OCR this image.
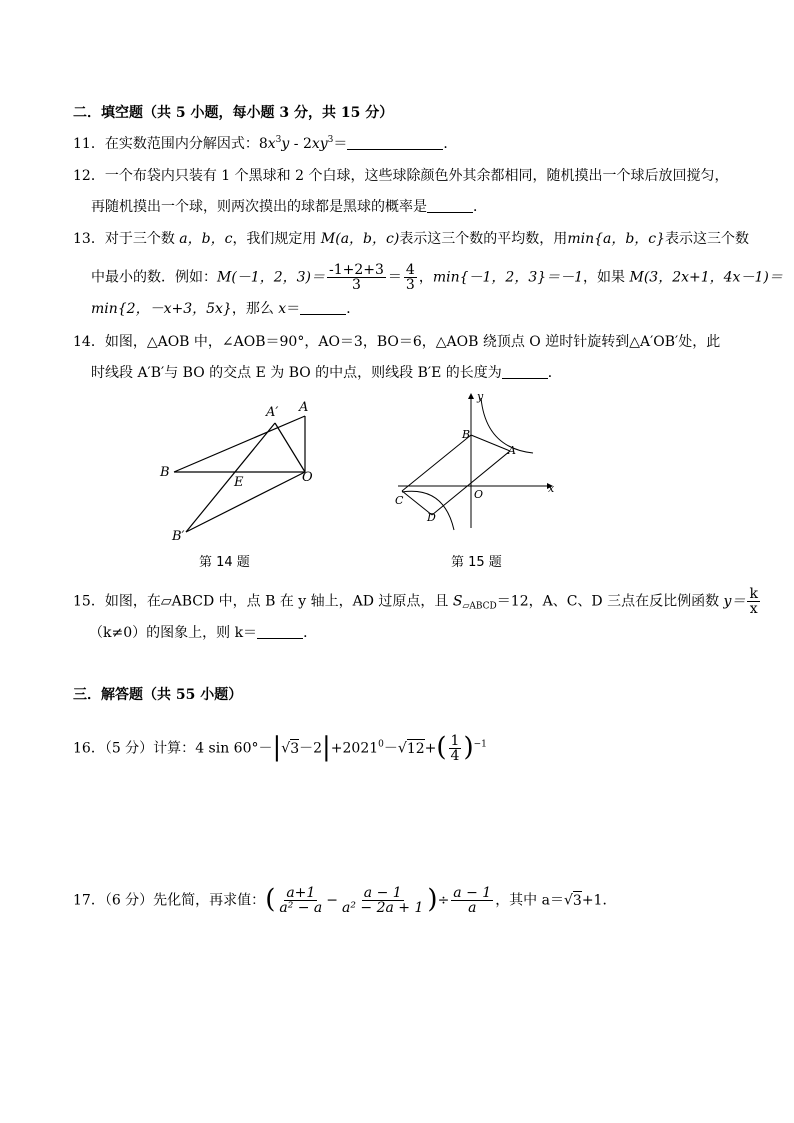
二．填空题（共 5 小题，每小题 3 分，共 15 分）
11．在实数范围内分解因式：$8x^3y - 2xy^3=$	．
12．一个布袋内只装有 1 个黑球和 2 个白球，这些球除颜色外其余都相同，随机摸出一个球后放回搅匀，
再随机摸出一个球，则两次摸出的球都是黑球的概率是	．
13．对于三个数 a，b，c，我们规定用 M(a，b，c)表示这三个数的平均数，用min{a，b，c}表示这三个数
中最小的数．例如：M(－1，2，$3)= \frac{-1+2+3}{3} = \frac{4}{3}$ ，min{－1，2，3}＝－1，如果 M(3，2x+1，4x－1)＝
min{2，－x+3，5x}，那么 x＝	．
14．如图，△AOB 中，∠AOB＝90°，AO＝3，BO＝6，△AOB 绕顶点 O 逆时针旋转到△A′OB′处，此
时线段 A′B′与 BO 的交点 E 为 BO 的中点，则线段 B′E 的长度为	．
A′ A
B
E	O
B′
第 14 题
y
x
B
A
O
C
D
第 15 题
15．如图，在▱ABCD 中，点 B 在 y 轴上，AD 过原点，且 $S_{▱ABCD}=12$，A、C、D 三点在反比例函数 $y= \frac{k}{x}$
（k≠0）的图象上，则 k＝	．
三．解答题（共 55 小题）
16．（5 分）计算：4 $\sin 60^\circ-|√3-2|+2021^0-√12+( \frac{1}{4} )^{-1}$
17．（6 分）先化简，再求值：( $\frac{a+1}{\text{a² − a}} - \frac{a - 1}{\text{a² − 2a + 1}}$ )÷ $\frac{a - 1}{a}$ ，其中 a＝√3+1．
